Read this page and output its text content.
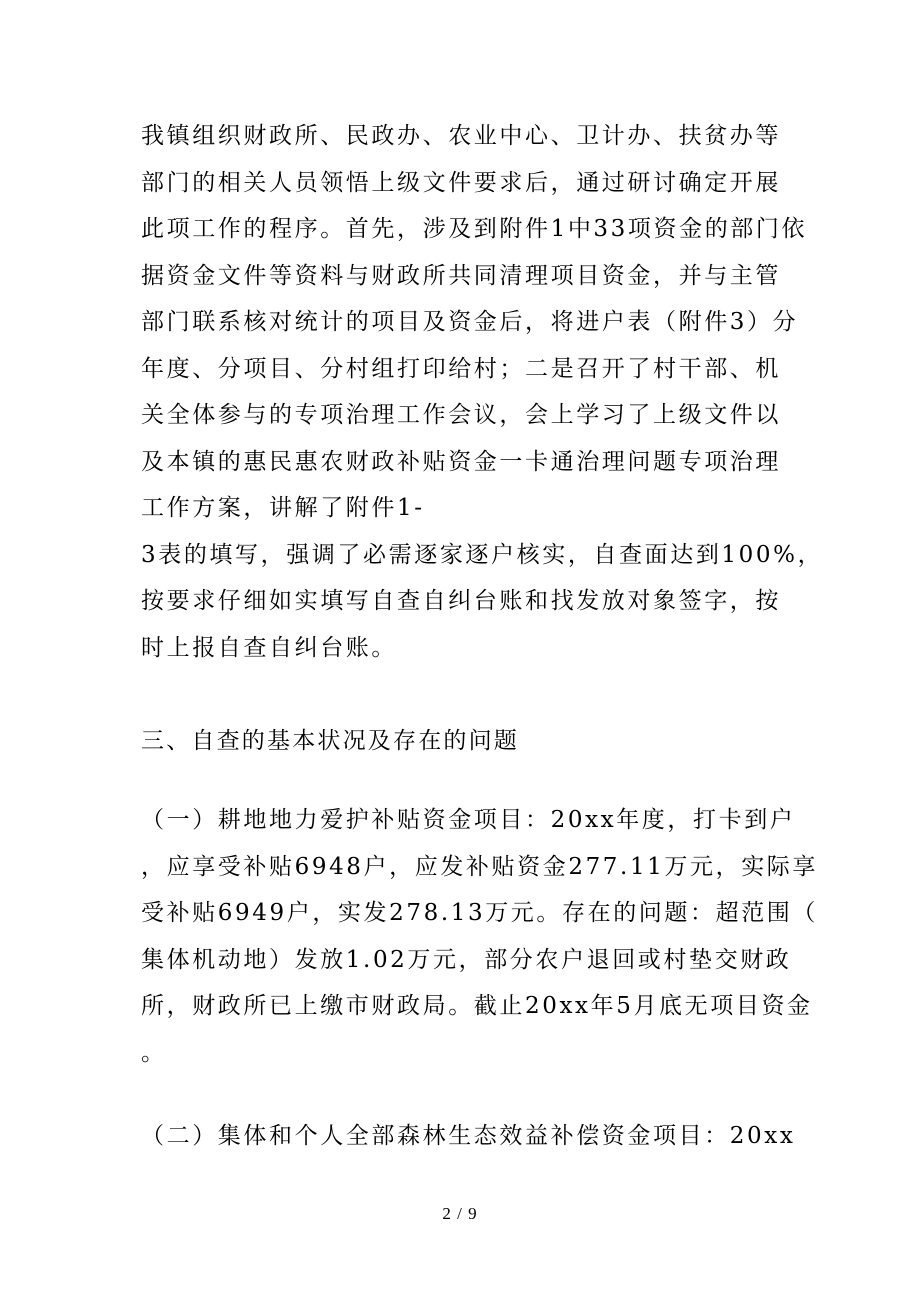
我镇组织财政所、民政办、农业中心、卫计办、扶贫办等
部门的相关人员领悟上级文件要求后，通过研讨确定开展
此项工作的程序。首先，涉及到附件1中33项资金的部门依
据资金文件等资料与财政所共同清理项目资金，并与主管
部门联系核对统计的项目及资金后，将进户表（附件3）分
年度、分项目、分村组打印给村；二是召开了村干部、机
关全体参与的专项治理工作会议，会上学习了上级文件以
及本镇的惠民惠农财政补贴资金一卡通治理问题专项治理
工作方案，讲解了附件1-
3表的填写，强调了必需逐家逐户核实，自查面达到100%，
按要求仔细如实填写自查自纠台账和找发放对象签字，按
时上报自查自纠台账。
三、自查的基本状况及存在的问题
（一）耕地地力爱护补贴资金项目：20xx年度，打卡到户
，应享受补贴6948户，应发补贴资金277.11万元，实际享
受补贴6949户，实发278.13万元。存在的问题：超范围（
集体机动地）发放1.02万元，部分农户退回或村垫交财政
所，财政所已上缴市财政局。截止20xx年5月底无项目资金
。
（二）集体和个人全部森林生态效益补偿资金项目：20xx
2 / 9
